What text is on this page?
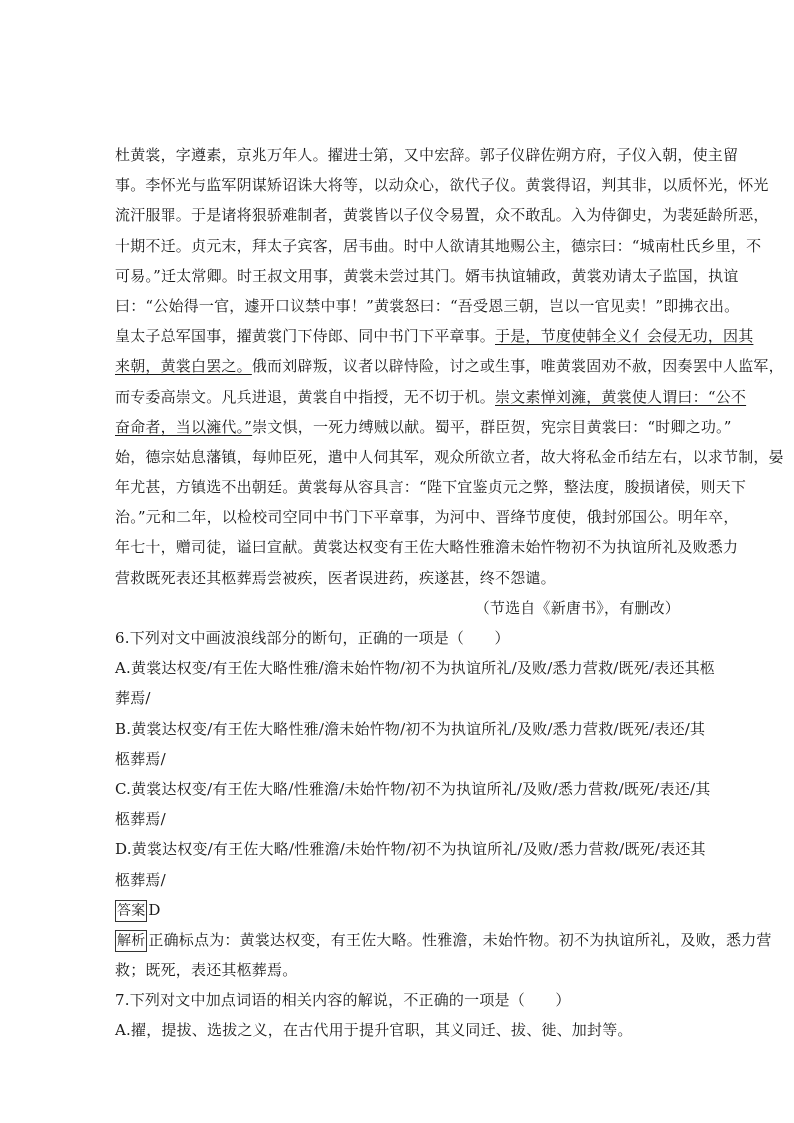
杜黄裳，字遵素，京兆万年人。擢进士第，又中宏辞。郭子仪辟佐朔方府，子仪入朝，使主留
事。李怀光与监军阴谋矫诏诛大将等，以动众心，欲代子仪。黄裳得诏，判其非，以质怀光，怀光
流汗服罪。于是诸将狠骄难制者，黄裳皆以子仪令易置，众不敢乱。入为侍御史，为裴延龄所恶，
十期不迁。贞元末，拜太子宾客，居韦曲。时中人欲请其地赐公主，德宗曰：“城南杜氏乡里，不
可易。”迁太常卿。时王叔文用事，黄裳未尝过其门。婿韦执谊辅政，黄裳劝请太子监国，执谊
曰：“公始得一官，遽开口议禁中事！”黄裳怒曰：“吾受恩三朝，岂以一官见卖！”即拂衣出。
皇太子总军国事，擢黄裳门下侍郎、同中书门下平章事。于是，节度使韩全义⺅会侵无功，因其
来朝，黄裳白罢之。俄而刘辟叛，议者以辟恃险，讨之或生事，唯黄裳固劝不赦，因奏罢中人监军，
而专委高崇文。凡兵进退，黄裳自中指授，无不切于机。崇文素惮刘澭，黄裳使人谓曰：“公不
奋命者，当以澭代。”崇文惧，一死力缚贼以献。蜀平，群臣贺，宪宗目黄裳曰：“时卿之功。”
始，德宗姑息藩镇，每帅臣死，遣中人伺其军，观众所欲立者，故大将私金币结左右，以求节制，晏
年尤甚，方镇选不出朝廷。黄裳每从容具言：“陛下宜鉴贞元之弊，整法度，朘损诸侯，则天下
治。”元和二年，以检校司空同中书门下平章事，为河中、晋绛节度使，俄封邠国公。明年卒，
年七十，赠司徒，谥曰宣献。黄裳达权变有王佐大略性雅澹未始忤物初不为执谊所礼及败悉力
营救既死表还其柩葬焉尝被疾，医者误进药，疾遂甚，终不怨谴。
（节选自《新唐书》，有删改）
6.下列对文中画波浪线部分的断句，正确的一项是（　　）
A.黄裳达权变/有王佐大略性雅/澹未始忤物/初不为执谊所礼/及败/悉力营救/既死/表还其柩
葬焉/
B.黄裳达权变/有王佐大略性雅/澹未始忤物/初不为执谊所礼/及败/悉力营救/既死/表还/其
柩葬焉/
C.黄裳达权变/有王佐大略/性雅澹/未始忤物/初不为执谊所礼/及败/悉力营救/既死/表还/其
柩葬焉/
D.黄裳达权变/有王佐大略/性雅澹/未始忤物/初不为执谊所礼/及败/悉力营救/既死/表还其
柩葬焉/
答案 D
解析 正确标点为：黄裳达权变，有王佐大略。性雅澹，未始忤物。初不为执谊所礼，及败，悉力营
救；既死，表还其柩葬焉。
7.下列对文中加点词语的相关内容的解说，不正确的一项是（　　）
A.擢，提拔、选拔之义，在古代用于提升官职，其义同迁、拔、徙、加封等。
